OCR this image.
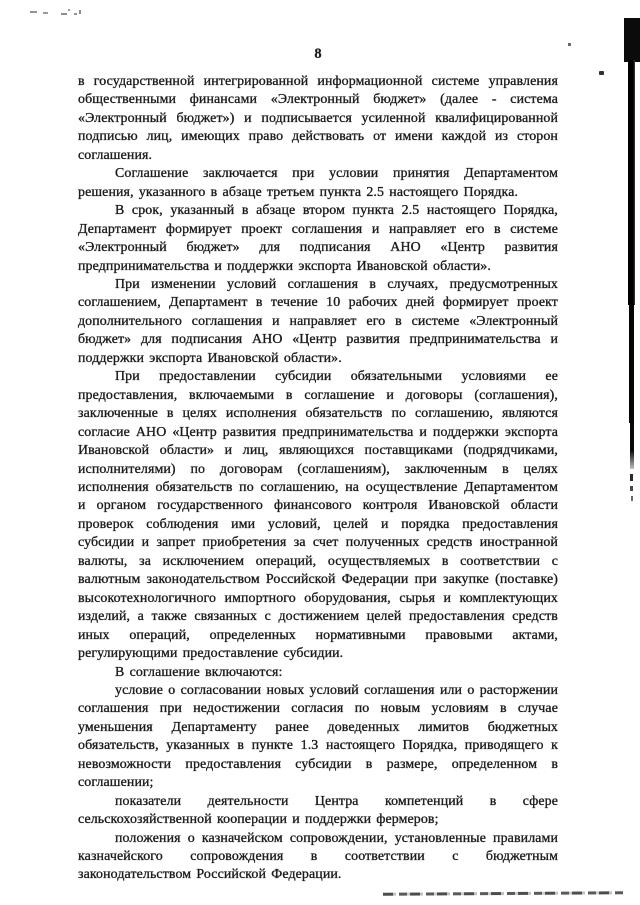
8

в государственной интегрированной информационной системе управления общественными финансами «Электронный бюджет» (далее - система «Электронный бюджет») и подписывается усиленной квалифицированной подписью лиц, имеющих право действовать от имени каждой из сторон соглашения.

Соглашение заключается при условии принятия Департаментом решения, указанного в абзаце третьем пункта 2.5 настоящего Порядка.

В срок, указанный в абзаце втором пункта 2.5 настоящего Порядка, Департамент формирует проект соглашения и направляет его в системе «Электронный бюджет» для подписания АНО «Центр развития предпринимательства и поддержки экспорта Ивановской области».

При изменении условий соглашения в случаях, предусмотренных соглашением, Департамент в течение 10 рабочих дней формирует проект дополнительного соглашения и направляет его в системе «Электронный бюджет» для подписания АНО «Центр развития предпринимательства и поддержки экспорта Ивановской области».

При предоставлении субсидии обязательными условиями ее предоставления, включаемыми в соглашение и договоры (соглашения), заключенные в целях исполнения обязательств по соглашению, являются согласие АНО «Центр развития предпринимательства и поддержки экспорта Ивановской области» и лиц, являющихся поставщиками (подрядчиками, исполнителями) по договорам (соглашениям), заключенным в целях исполнения обязательств по соглашению, на осуществление Департаментом и органом государственного финансового контроля Ивановской области проверок соблюдения ими условий, целей и порядка предоставления субсидии и запрет приобретения за счет полученных средств иностранной валюты, за исключением операций, осуществляемых в соответствии с валютным законодательством Российской Федерации при закупке (поставке) высокотехнологичного импортного оборудования, сырья и комплектующих изделий, а также связанных с достижением целей предоставления средств иных операций, определенных нормативными правовыми актами, регулирующими предоставление субсидии.

В соглашение включаются:

условие о согласовании новых условий соглашения или о расторжении соглашения при недостижении согласия по новым условиям в случае уменьшения Департаменту ранее доведенных лимитов бюджетных обязательств, указанных в пункте 1.3 настоящего Порядка, приводящего к невозможности предоставления субсидии в размере, определенном в соглашении;

показатели деятельности Центра компетенций в сфере сельскохозяйственной кооперации и поддержки фермеров;

положения о казначейском сопровождении, установленные правилами казначейского сопровождения в соответствии с бюджетным законодательством Российской Федерации.
